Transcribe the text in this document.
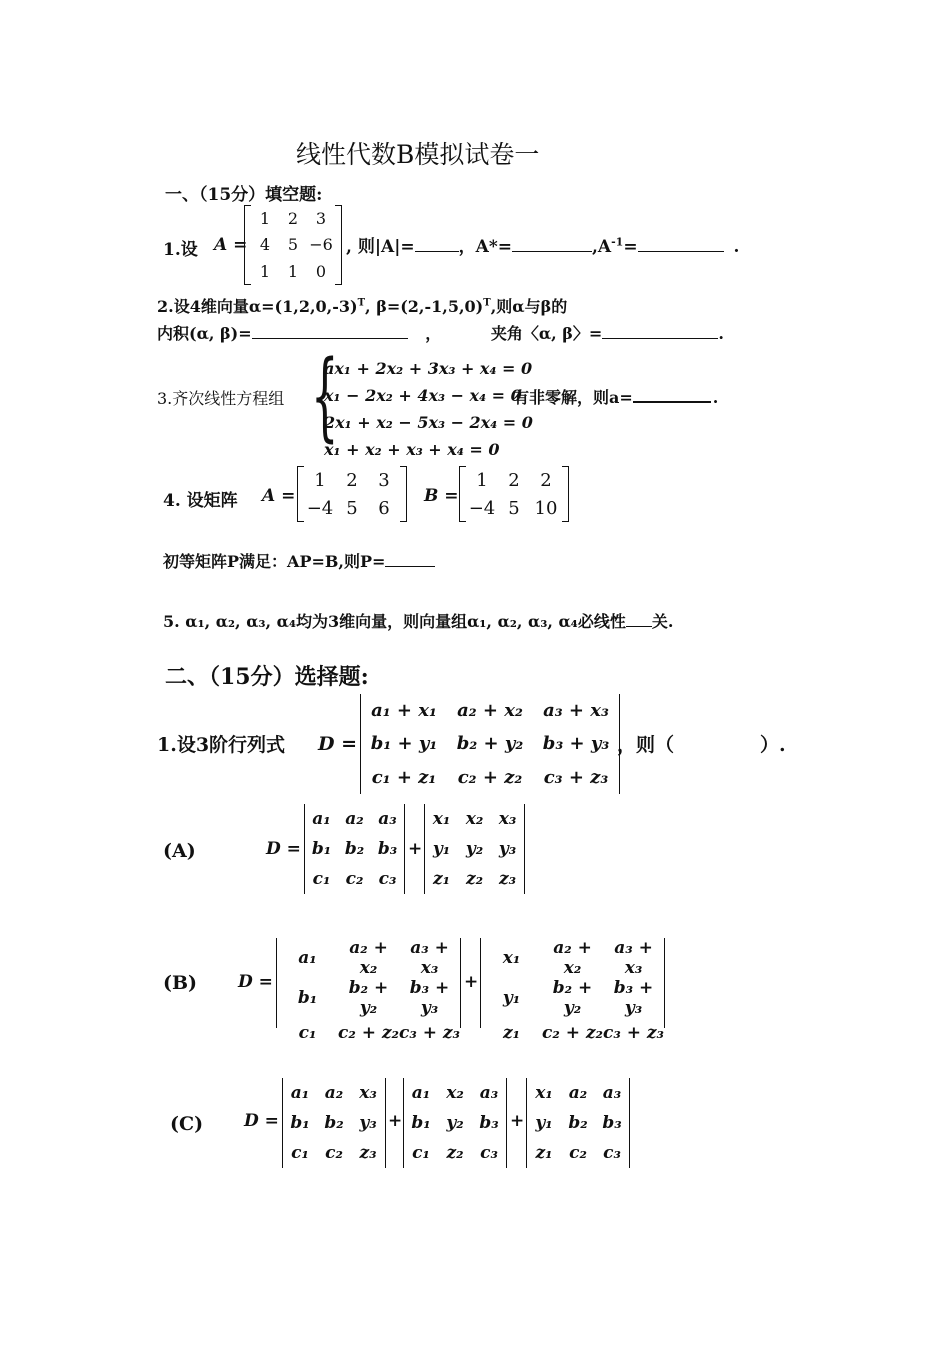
线性代数B模拟试卷一
一、（15分）填空题:
1.设 A =
1	2	3
4	5	−6
1	1	0
, 则|A|=	，A*=	$,A^{-1}=$	.
2.设4维向量$\alpha=(1,2,0,-3)^T$, $\beta=(2,-1,5,0)^T$,则α与β的
内积(α, β)=	，	夹角〈α, β〉=	.
3.齐次线性方程组 {
ax₁ + 2x₂ + 3x₃ + x₄ = 0
x₁ − 2x₂ + 4x₃ − x₄ = 0
2x₁ + x₂ − 5x₃ − 2x₄ = 0
x₁ + x₂ + x₃ + x₄ = 0
有非零解，则a=	.
4. 设矩阵 A =
1	2	3
−4	5	6
B =
1	2	2
−4	5	10
初等矩阵P满足：AP=B,则P=
5. α₁, α₂, α₃, α₄均为3维向量，则向量组α₁, α₂, α₃, α₄必线性 关.
二、（15分）选择题:
1.设3阶行列式 D =
a₁ + x₁	a₂ + x₂	a₃ + x₃
b₁ + y₁	b₂ + y₂	b₃ + y₃
c₁ + z₁	c₂ + z₂	c₃ + z₃
，则（	）.
(A)	D =
a₁	a₂	a₃
b₁	b₂	b₃
c₁	c₂	c₃
+
x₁	x₂	x₃
y₁	y₂	y₃
z₁	z₂	z₃
(B) D =
a₁	a₂ + x₂	a₃ + x₃
b₁	b₂ + y₂	b₃ + y₃
c₁	c₂ + z₂	c₃ + z₃
+
x₁	a₂ + x₂	a₃ + x₃
y₁	b₂ + y₂	b₃ + y₃
z₁	c₂ + z₂	c₃ + z₃
(C) D =
a₁	a₂	x₃
b₁	b₂	y₃
c₁	c₂	z₃
+
a₁	x₂	a₃
b₁	y₂	b₃
c₁	z₂	c₃
+
x₁	a₂	a₃
y₁	b₂	b₃
z₁	c₂	c₃
